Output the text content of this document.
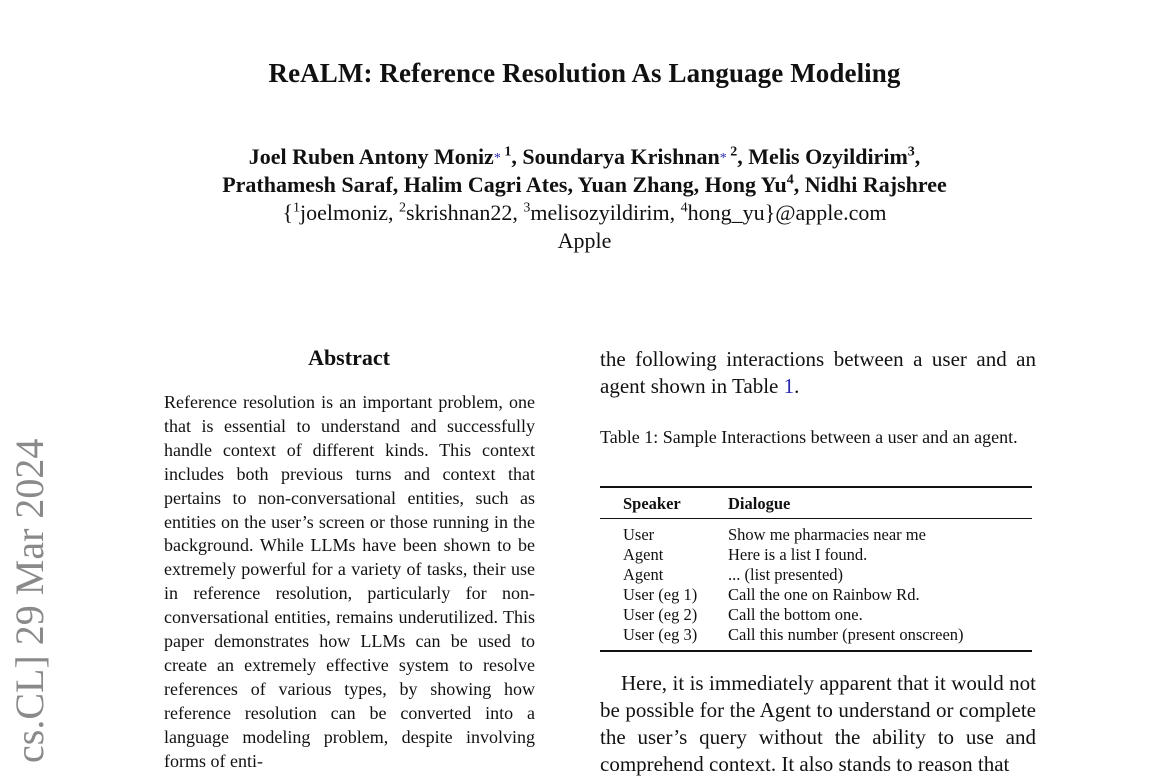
cs.CL] 29 Mar 2024
ReALM: Reference Resolution As Language Modeling
Joel Ruben Antony Moniz* $^1$, Soundarya Krishnan* $^2$, Melis Ozyildirim$^3$,
Prathamesh Saraf, Halim Cagri Ates, Yuan Zhang, Hong Yu$^4$, Nidhi Rajshree
{$^1$joelmoniz, $^2$skrishnan22, $^3$melisozyildirim, $^4$hong_yu}@apple.com
Apple
Abstract
Reference resolution is an important problem, one that is essential to understand and successfully handle context of different kinds. This context includes both previous turns and context that pertains to non-conversational entities, such as entities on the user’s screen or those running in the background. While LLMs have been shown to be extremely powerful for a variety of tasks, their use in reference resolution, particularly for non-conversational entities, remains underutilized. This paper demonstrates how LLMs can be used to create an extremely effective system to resolve references of various types, by showing how reference resolution can be converted into a language modeling problem, despite involving forms of enti-
the following interactions between a user and an agent shown in Table 1.
Table 1: Sample Interactions between a user and an agent.
Speaker	Dialogue
User	Show me pharmacies near me
Agent	Here is a list I found.
Agent	... (list presented)
User (eg 1)	Call the one on Rainbow Rd.
User (eg 2)	Call the bottom one.
User (eg 3)	Call this number (present onscreen)
Here, it is immediately apparent that it would not be possible for the Agent to understand or complete the user’s query without the ability to use and comprehend context. It also stands to reason that
